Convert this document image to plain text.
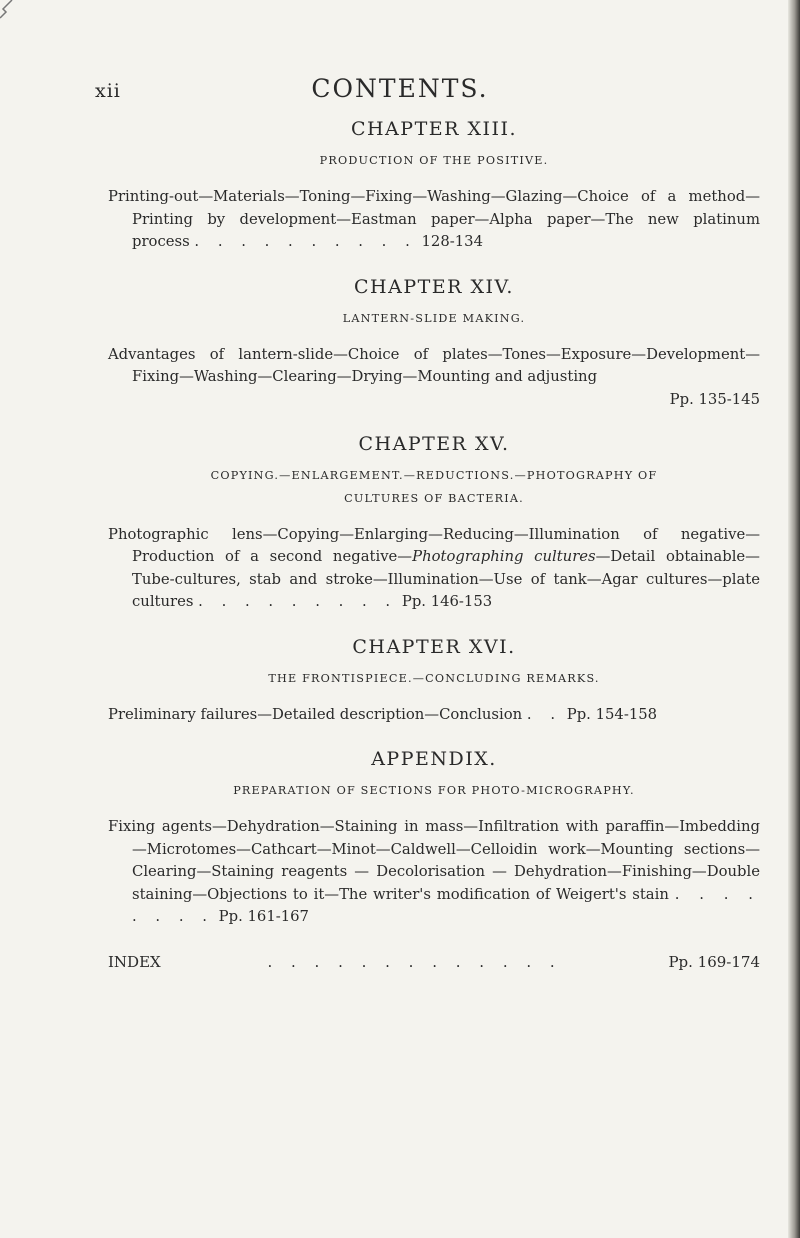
xii	CONTENTS.
CHAPTER XIII.
PRODUCTION OF THE POSITIVE.

Printing-out—Materials—Toning—Fixing—Washing—Glazing—Choice of a method—Printing by development—Eastman paper—Alpha paper—The new platinum process . . . . . . . . . . 128-134

CHAPTER XIV.
LANTERN-SLIDE MAKING.

Advantages of lantern-slide—Choice of plates—Tones—Exposure—Development—Fixing—Washing—Clearing—Drying—Mounting and adjusting

Pp. 135-145
CHAPTER XV.
COPYING.—ENLARGEMENT.—REDUCTIONS.—PHOTOGRAPHY OF
CULTURES OF BACTERIA.

Photographic lens—Copying—Enlarging—Reducing—Illumination of negative—Production of a second negative—Photographing cultures—Detail obtainable—Tube-cultures, stab and stroke—Illumination—Use of tank—Agar cultures—plate cultures . . . . . . . . . Pp. 146-153

CHAPTER XVI.
THE FRONTISPIECE.—CONCLUDING REMARKS.

Preliminary failures—Detailed description—Conclusion . . Pp. 154-158

APPENDIX.
PREPARATION OF SECTIONS FOR PHOTO-MICROGRAPHY.

Fixing agents—Dehydration—Staining in mass—Infiltration with paraffin—Imbedding—Microtomes—Cathcart—Minot—Caldwell—Celloidin work—Mounting sections—Clearing—Staining reagents — Decolorisation — Dehydration—Finishing—Double staining—Objections to it—The writer's modification of Weigert's stain . . . . . . . . Pp. 161-167

INDEX	. . . . . . . . . . . . .	Pp. 169-174
